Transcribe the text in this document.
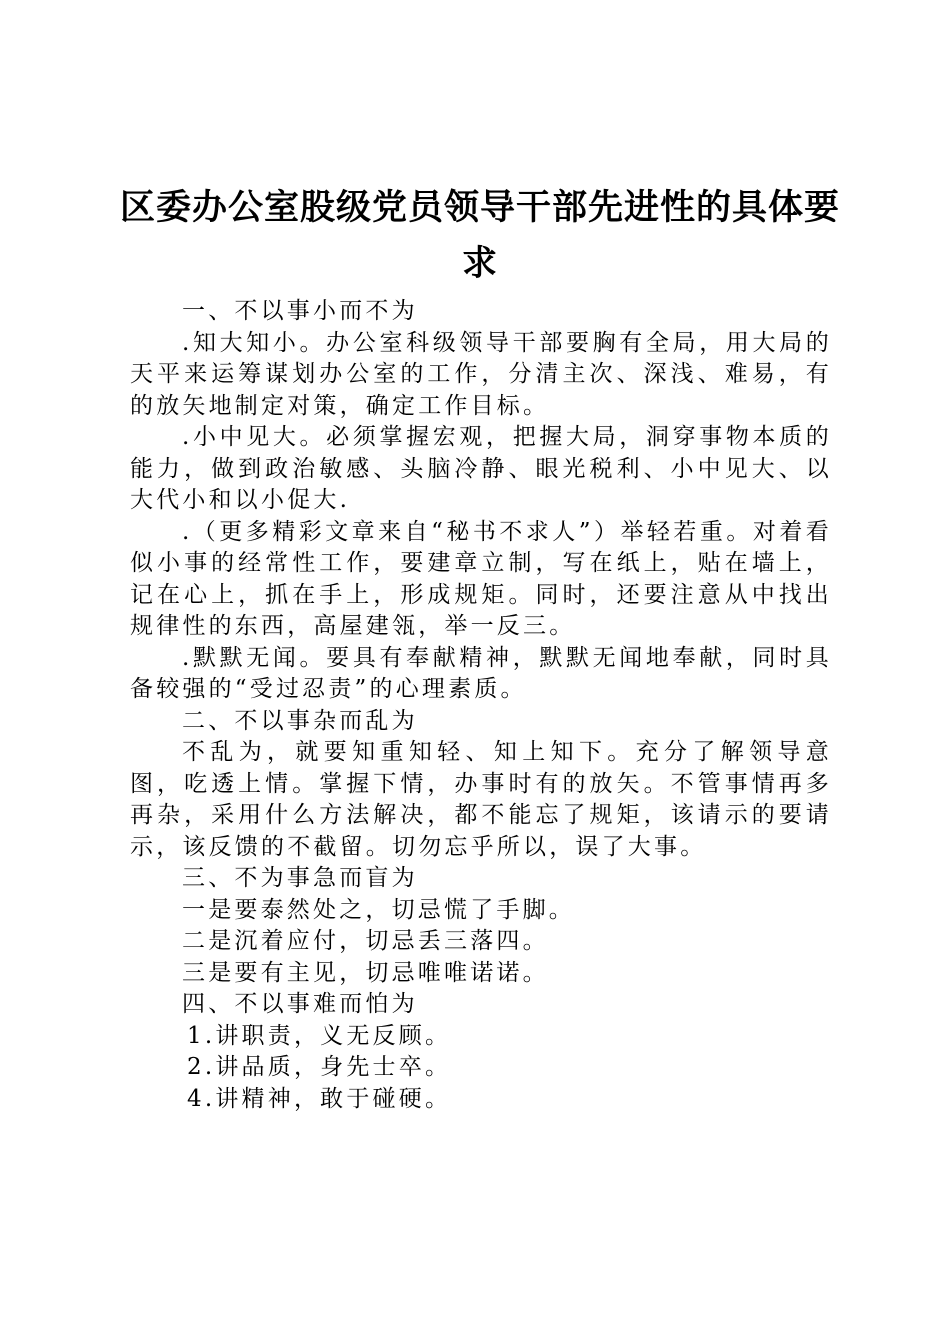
区委办公室股级党员领导干部先进性的具体要求

一、不以事小而不为

.知大知小。办公室科级领导干部要胸有全局，用大局的天平来运筹谋划办公室的工作，分清主次、深浅、难易，有的放矢地制定对策，确定工作目标。

.小中见大。必须掌握宏观，把握大局，洞穿事物本质的能力，做到政治敏感、头脑冷静、眼光税利、小中见大、以大代小和以小促大.

.（更多精彩文章来自“秘书不求人”）举轻若重。对着看似小事的经常性工作，要建章立制，写在纸上，贴在墙上，记在心上，抓在手上，形成规矩。同时，还要注意从中找出规律性的东西，高屋建瓴，举一反三。

.默默无闻。要具有奉献精神，默默无闻地奉献，同时具备较强的“受过忍责”的心理素质。

二、不以事杂而乱为

不乱为，就要知重知轻、知上知下。充分了解领导意图，吃透上情。掌握下情，办事时有的放矢。不管事情再多再杂，采用什么方法解决，都不能忘了规矩，该请示的要请示，该反馈的不截留。切勿忘乎所以，误了大事。

三、不为事急而盲为

一是要泰然处之，切忌慌了手脚。

二是沉着应付，切忌丢三落四。

三是要有主见，切忌唯唯诺诺。

四、不以事难而怕为

1.讲职责，义无反顾。

2.讲品质，身先士卒。

4.讲精神，敢于碰硬。
